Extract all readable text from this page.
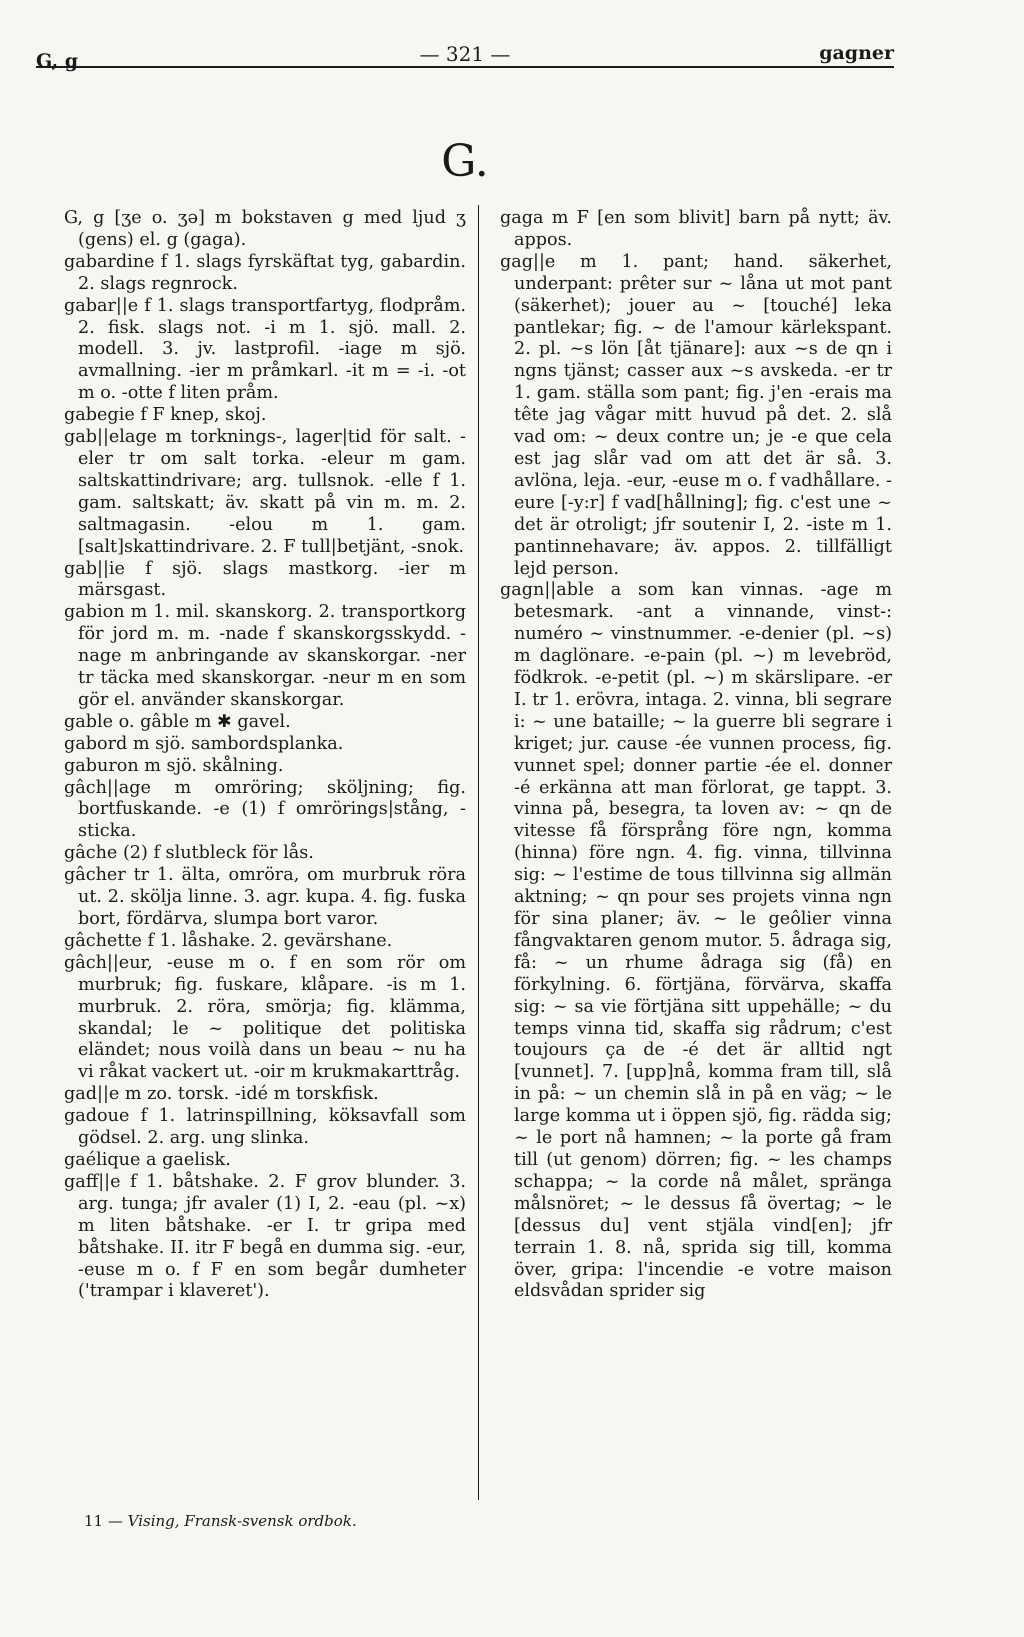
G, g	— 321 —	gagner
G.

G, g [ʒe o. ʒə] m bokstaven g med ljud ʒ (gens) el. g (gaga).

gabardine f 1. slags fyrskäftat tyg, gabardin. 2. slags regnrock.

gabar||e f 1. slags transportfartyg, flodpråm. 2. fisk. slags not. -i m 1. sjö. mall. 2. modell. 3. jv. lastprofil. -iage m sjö. avmallning. -ier m pråmkarl. -it m = -i. -ot m o. -otte f liten pråm.

gabegie f F knep, skoj.

gab||elage m torknings-, lager|tid för salt. -eler tr om salt torka. -eleur m gam. saltskattindrivare; arg. tullsnok. -elle f 1. gam. saltskatt; äv. skatt på vin m. m. 2. saltmagasin. -elou m 1. gam. [salt]skattindrivare. 2. F tull|betjänt, -snok.

gab||ie f sjö. slags mastkorg. -ier m märsgast.

gabion m 1. mil. skanskorg. 2. transportkorg för jord m. m. -nade f skanskorgsskydd. -nage m anbringande av skanskorgar. -ner tr täcka med skanskorgar. -neur m en som gör el. använder skanskorgar.

gable o. gâble m ✱ gavel.

gabord m sjö. sambordsplanka.

gaburon m sjö. skålning.

gâch||age m omröring; sköljning; fig. bortfuskande. -e (1) f omrörings|stång, -sticka.

gâche (2) f slutbleck för lås.

gâcher tr 1. älta, omröra, om murbruk röra ut. 2. skölja linne. 3. agr. kupa. 4. fig. fuska bort, fördärva, slumpa bort varor.

gâchette f 1. låshake. 2. gevärshane.

gâch||eur, -euse m o. f en som rör om murbruk; fig. fuskare, klåpare. -is m 1. murbruk. 2. röra, smörja; fig. klämma, skandal; le ~ politique det politiska eländet; nous voilà dans un beau ~ nu ha vi råkat vackert ut. -oir m krukmakarttråg.

gad||e m zo. torsk. -idé m torskfisk.

gadoue f 1. latrinspillning, köksavfall som gödsel. 2. arg. ung slinka.

gaélique a gaelisk.

gaff||e f 1. båtshake. 2. F grov blunder. 3. arg. tunga; jfr avaler (1) I, 2. -eau (pl. ~x) m liten båtshake. -er I. tr gripa med båtshake. II. itr F begå en dumma sig. -eur, -euse m o. f F en som begår dumheter ('trampar i klaveret').

gaga m F [en som blivit] barn på nytt; äv. appos.

gag||e m 1. pant; hand. säkerhet, underpant: prêter sur ~ låna ut mot pant (säkerhet); jouer au ~ [touché] leka pantlekar; fig. ~ de l'amour kärlekspant. 2. pl. ~s lön [åt tjänare]: aux ~s de qn i ngns tjänst; casser aux ~s avskeda. -er tr 1. gam. ställa som pant; fig. j'en -erais ma tête jag vågar mitt huvud på det. 2. slå vad om: ~ deux contre un; je -e que cela est jag slår vad om att det är så. 3. avlöna, leja. -eur, -euse m o. f vadhållare. -eure [-y:r] f vad[hållning]; fig. c'est une ~ det är otroligt; jfr soutenir I, 2. -iste m 1. pantinnehavare; äv. appos. 2. tillfälligt lejd person.

gagn||able a som kan vinnas. -age m betesmark. -ant a vinnande, vinst-: numéro ~ vinstnummer. -e-denier (pl. ~s) m daglönare. -e-pain (pl. ~) m levebröd, födkrok. -e-petit (pl. ~) m skärslipare. -er I. tr 1. erövra, intaga. 2. vinna, bli segrare i: ~ une bataille; ~ la guerre bli segrare i kriget; jur. cause -ée vunnen process, fig. vunnet spel; donner partie -ée el. donner -é erkänna att man förlorat, ge tappt. 3. vinna på, besegra, ta loven av: ~ qn de vitesse få försprång före ngn, komma (hinna) före ngn. 4. fig. vinna, tillvinna sig: ~ l'estime de tous tillvinna sig allmän aktning; ~ qn pour ses projets vinna ngn för sina planer; äv. ~ le geôlier vinna fångvaktaren genom mutor. 5. ådraga sig, få: ~ un rhume ådraga sig (få) en förkylning. 6. förtjäna, förvärva, skaffa sig: ~ sa vie förtjäna sitt uppehälle; ~ du temps vinna tid, skaffa sig rådrum; c'est toujours ça de -é det är alltid ngt [vunnet]. 7. [upp]nå, komma fram till, slå in på: ~ un chemin slå in på en väg; ~ le large komma ut i öppen sjö, fig. rädda sig; ~ le port nå hamnen; ~ la porte gå fram till (ut genom) dörren; fig. ~ les champs schappa; ~ la corde nå målet, spränga målsnöret; ~ le dessus få övertag; ~ le [dessus du] vent stjäla vind[en]; jfr terrain 1. 8. nå, sprida sig till, komma över, gripa: l'incendie -e votre maison eldsvådan sprider sig

11 — Vising, Fransk-svensk ordbok.
